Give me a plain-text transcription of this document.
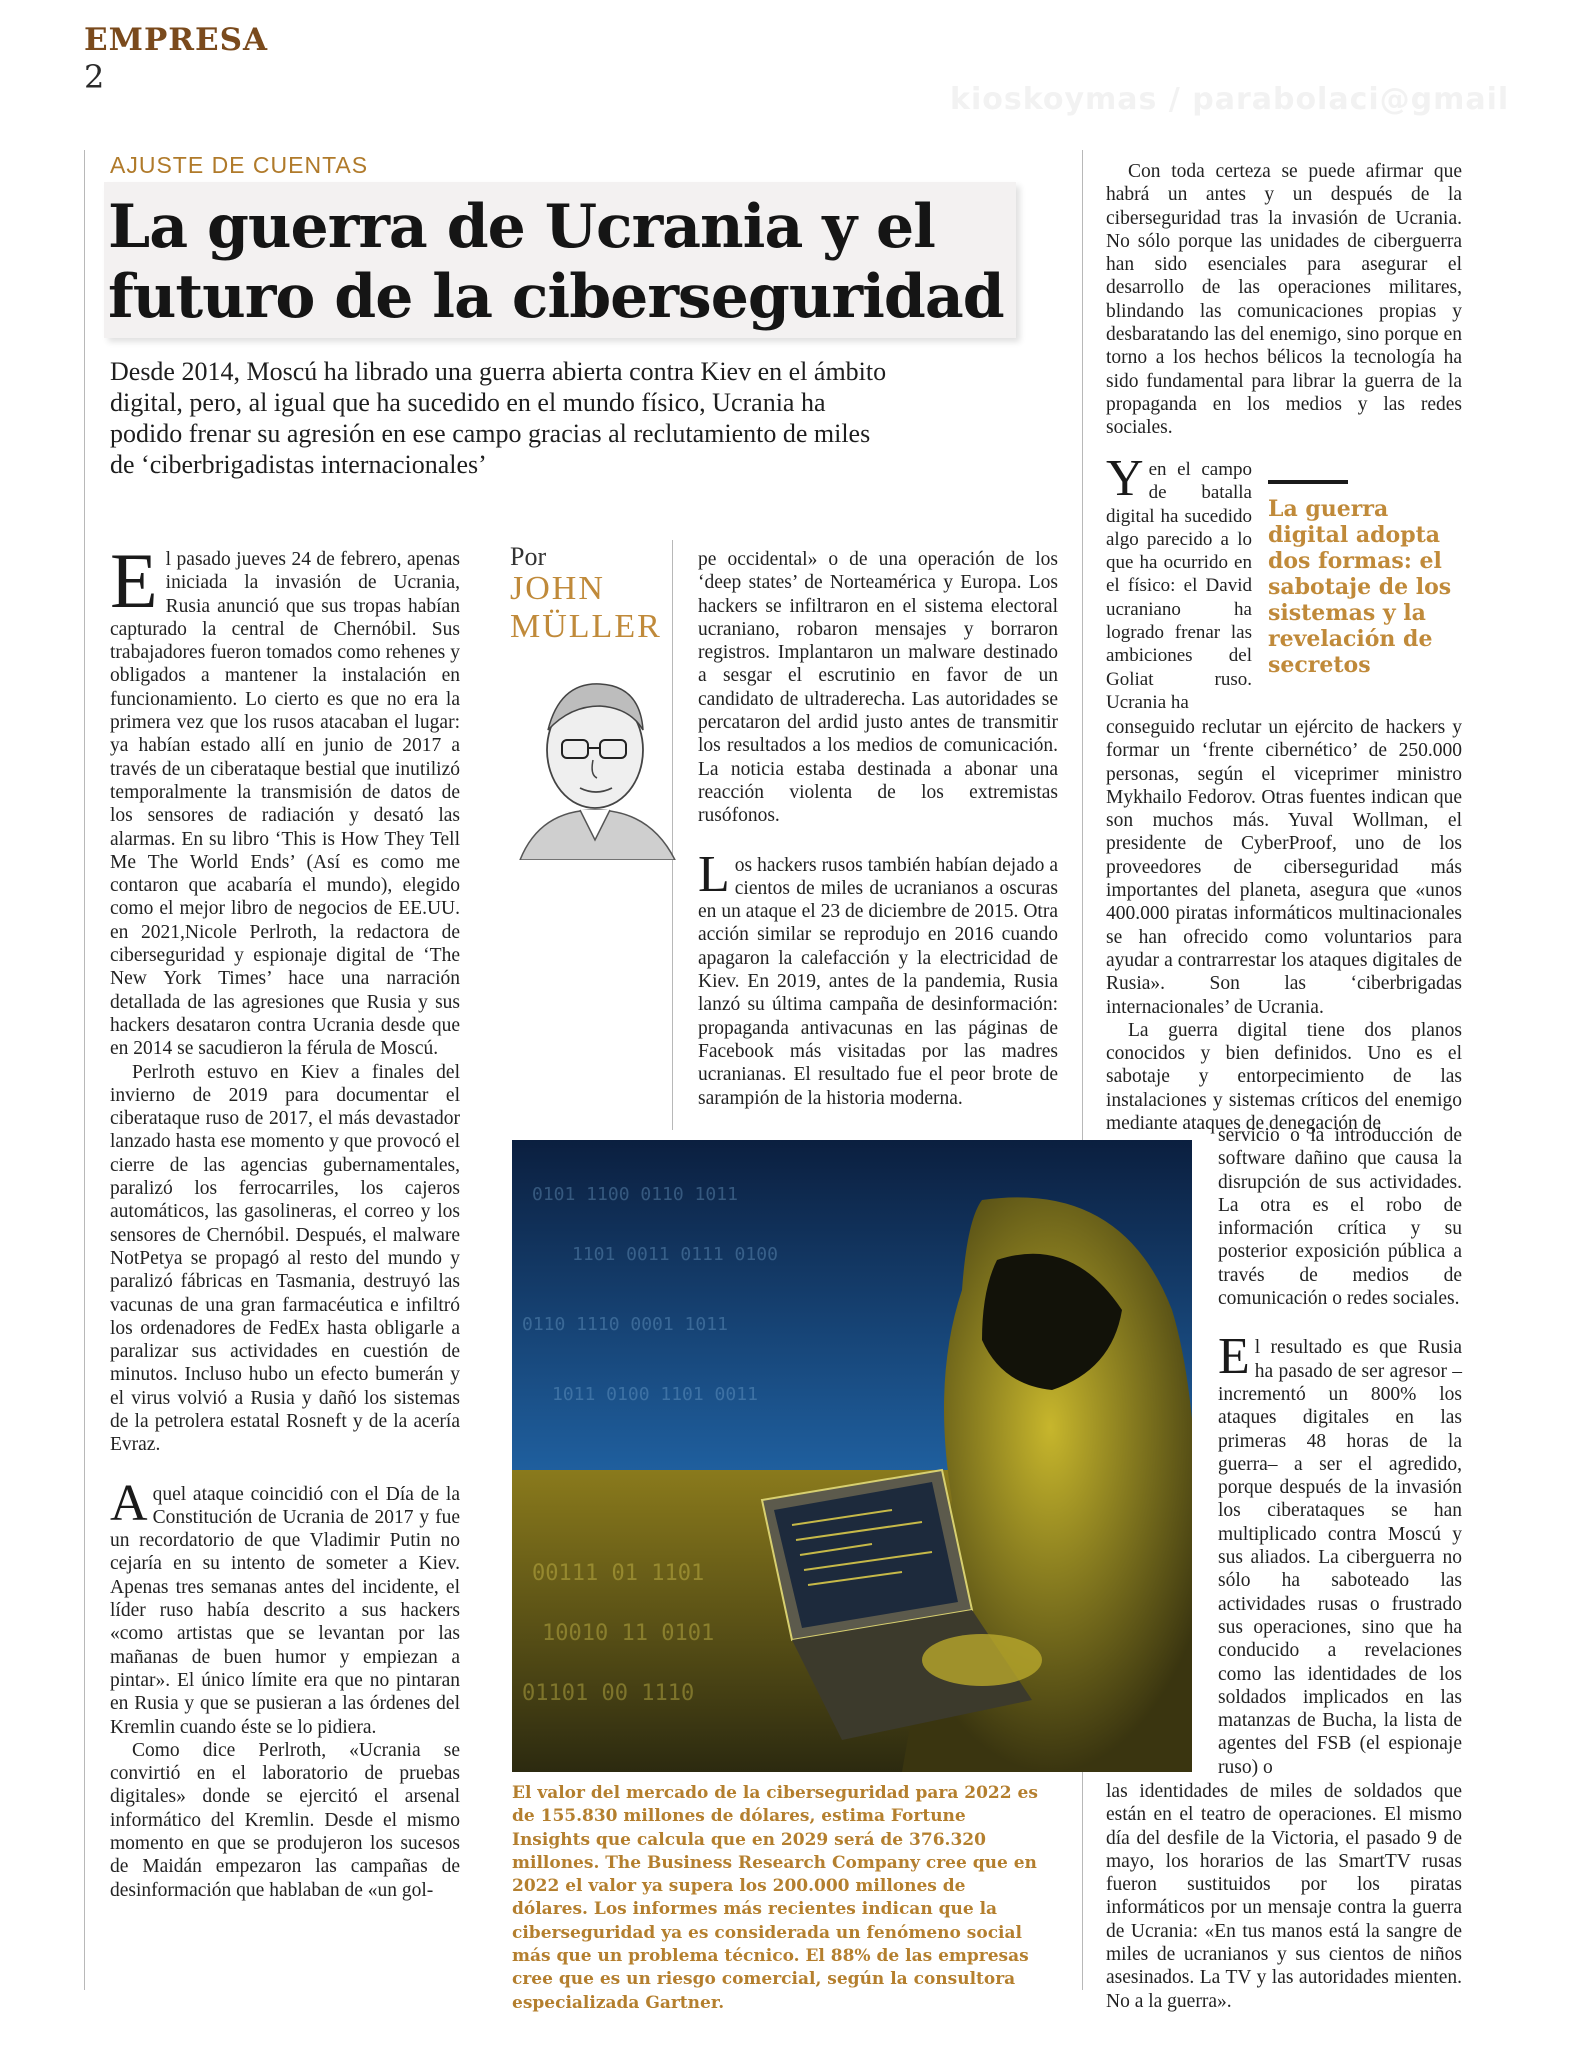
EMPRESA
2
kioskoymas / parabolaci@gmail
AJUSTE DE CUENTAS
La guerra de Ucrania y el futuro de la ciberseguridad
Desde 2014, Moscú ha librado una guerra abierta contra Kiev en el ámbito digital, pero, al igual que ha sucedido en el mundo físico, Ucrania ha podido frenar su agresión en ese campo gracias al reclutamiento de miles de ‘ciberbrigadistas internacionales’

El pasado jueves 24 de febrero, apenas iniciada la invasión de Ucrania, Rusia anunció que sus tropas habían capturado la central de Chernóbil. Sus trabajadores fueron tomados como rehenes y obligados a mantener la instalación en funcionamiento. Lo cierto es que no era la primera vez que los rusos atacaban el lugar: ya habían estado allí en junio de 2017 a través de un ciberataque bestial que inutilizó temporalmente la transmisión de datos de los sensores de radiación y desató las alarmas. En su libro ‘This is How They Tell Me The World Ends’ (Así es como me contaron que acabaría el mundo), elegido como el mejor libro de negocios de EE.UU. en 2021,Nicole Perlroth, la redactora de ciberseguridad y espionaje digital de ‘The New York Times’ hace una narración detallada de las agresiones que Rusia y sus hackers desataron contra Ucrania desde que en 2014 se sacudieron la férula de Moscú.

Perlroth estuvo en Kiev a finales del invierno de 2019 para documentar el ciberataque ruso de 2017, el más devastador lanzado hasta ese momento y que provocó el cierre de las agencias gubernamentales, paralizó los ferrocarriles, los cajeros automáticos, las gasolineras, el correo y los sensores de Chernóbil. Después, el malware NotPetya se propagó al resto del mundo y paralizó fábricas en Tasmania, destruyó las vacunas de una gran farmacéutica e infiltró los ordenadores de FedEx hasta obligarle a paralizar sus actividades en cuestión de minutos. Incluso hubo un efecto bumerán y el virus volvió a Rusia y dañó los sistemas de la petrolera estatal Rosneft y de la acería Evraz.

Aquel ataque coincidió con el Día de la Constitución de Ucrania de 2017 y fue un recordatorio de que Vladimir Putin no cejaría en su intento de someter a Kiev. Apenas tres semanas antes del incidente, el líder ruso había descrito a sus hackers «como artistas que se levantan por las mañanas de buen humor y empiezan a pintar». El único límite era que no pintaran en Rusia y que se pusieran a las órdenes del Kremlin cuando éste se lo pidiera.

Como dice Perlroth, «Ucrania se convirtió en el laboratorio de pruebas digitales» donde se ejercitó el arsenal informático del Kremlin. Desde el mismo momento en que se produjeron los sucesos de Maidán empezaron las campañas de desinformación que hablaban de «un gol-

Por
JOHN MÜLLER

pe occidental» o de una operación de los ‘deep states’ de Norteamérica y Europa. Los hackers se infiltraron en el sistema electoral ucraniano, robaron mensajes y borraron registros. Implantaron un malware destinado a sesgar el escrutinio en favor de un candidato de ultraderecha. Las autoridades se percataron del ardid justo antes de transmitir los resultados a los medios de comunicación. La noticia estaba destinada a abonar una reacción violenta de los extremistas rusófonos.

Los hackers rusos también habían dejado a cientos de miles de ucranianos a oscuras en un ataque el 23 de diciembre de 2015. Otra acción similar se reprodujo en 2016 cuando apagaron la calefacción y la electricidad de Kiev. En 2019, antes de la pandemia, Rusia lanzó su última campaña de desinformación: propaganda antivacunas en las páginas de Facebook más visitadas por las madres ucranianas. El resultado fue el peor brote de sarampión de la historia moderna.

Con toda certeza se puede afirmar que habrá un antes y un después de la ciberseguridad tras la invasión de Ucrania. No sólo porque las unidades de ciberguerra han sido esenciales para asegurar el desarrollo de las operaciones militares, blindando las comunicaciones propias y desbaratando las del enemigo, sino porque en torno a los hechos bélicos la tecnología ha sido fundamental para librar la guerra de la propaganda en los medios y las redes sociales.

Yen el campo de batalla digital ha sucedido algo parecido a lo que ha ocurrido en el físico: el David ucraniano ha logrado frenar las ambiciones del Goliat ruso. Ucrania ha

La guerra digital adopta dos formas: el sabotaje de los sistemas y la revelación de secretos

conseguido reclutar un ejército de hackers y formar un ‘frente cibernético’ de 250.000 personas, según el viceprimer ministro Mykhailo Fedorov. Otras fuentes indican que son muchos más. Yuval Wollman, el presidente de CyberProof, uno de los proveedores de ciberseguridad más importantes del planeta, asegura que «unos 400.000 piratas informáticos multinacionales se han ofrecido como voluntarios para ayudar a contrarrestar los ataques digitales de Rusia». Son las ‘ciberbrigadas internacionales’ de Ucrania.

La guerra digital tiene dos planos conocidos y bien definidos. Uno es el sabotaje y entorpecimiento de las instalaciones y sistemas críticos del enemigo mediante ataques de denegación de

servicio o la introducción de software dañino que causa la disrupción de sus actividades. La otra es el robo de información crítica y su posterior exposición pública a través de medios de comunicación o redes sociales.

El resultado es que Rusia ha pasado de ser agresor –incrementó un 800% los ataques digitales en las primeras 48 horas de la guerra– a ser el agredido, porque después de la invasión los ciberataques se han multiplicado contra Moscú y sus aliados. La ciberguerra no sólo ha saboteado las actividades rusas o frustrado sus operaciones, sino que ha conducido a revelaciones como las identidades de los soldados implicados en las matanzas de Bucha, la lista de agentes del FSB (el espionaje ruso) o

las identidades de miles de soldados que están en el teatro de operaciones. El mismo día del desfile de la Victoria, el pasado 9 de mayo, los horarios de las SmartTV rusas fueron sustituidos por los piratas informáticos por un mensaje contra la guerra de Ucrania: «En tus manos está la sangre de miles de ucranianos y sus cientos de niños asesinados. La TV y las autoridades mienten. No a la guerra».

0101 1100 0110 1011
1101 0011 0111 0100
0110 1110 0001 1011
1011 0100 1101 0011
00111 01 1101
10010 11 0101
01101 00 1110
El valor del mercado de la ciberseguridad para 2022 es de 155.830 millones de dólares, estima Fortune Insights que calcula que en 2029 será de 376.320 millones. The Business Research Company cree que en 2022 el valor ya supera los 200.000 millones de dólares. Los informes más recientes indican que la ciberseguridad ya es considerada un fenómeno social más que un problema técnico. El 88% de las empresas cree que es un riesgo comercial, según la consultora especializada Gartner.
